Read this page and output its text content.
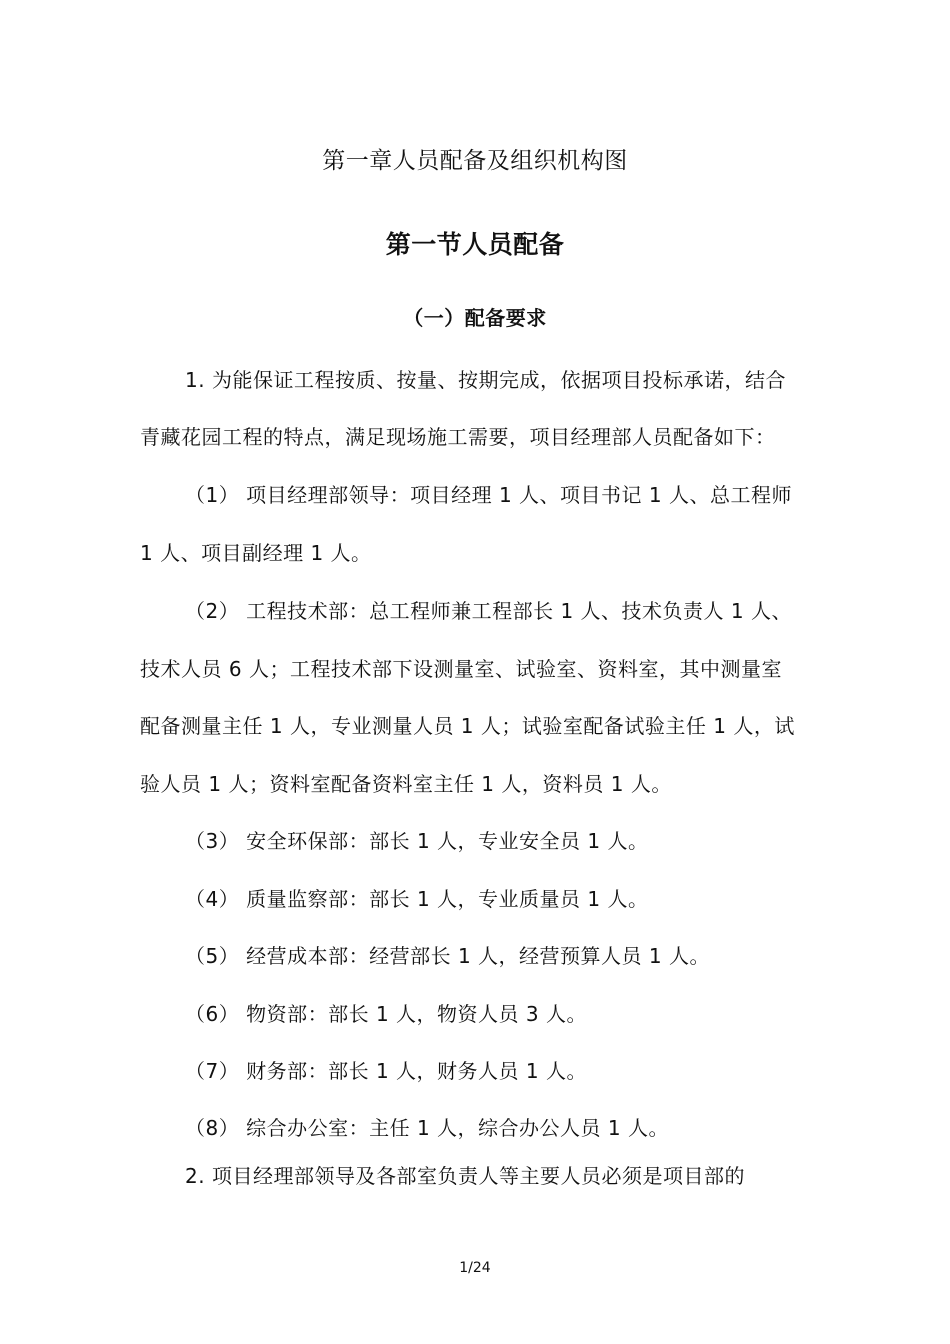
第一章人员配备及组织机构图
第一节人员配备
（一）配备要求
1. 为能保证工程按质、按量、按期完成，依据项目投标承诺，结合
青藏花园工程的特点，满足现场施工需要，项目经理部人员配备如下：
（1） 项目经理部领导：项目经理 1 人、项目书记 1 人、总工程师
1 人、项目副经理 1 人。
（2） 工程技术部：总工程师兼工程部长 1 人、技术负责人 1 人、
技术人员 6 人；工程技术部下设测量室、试验室、资料室，其中测量室
配备测量主任 1 人，专业测量人员 1 人；试验室配备试验主任 1 人，试
验人员 1 人；资料室配备资料室主任 1 人，资料员 1 人。
（3） 安全环保部：部长 1 人，专业安全员 1 人。
（4） 质量监察部：部长 1 人，专业质量员 1 人。
（5） 经营成本部：经营部长 1 人，经营预算人员 1 人。
（6） 物资部：部长 1 人，物资人员 3 人。
（7） 财务部：部长 1 人，财务人员 1 人。
（8） 综合办公室：主任 1 人，综合办公人员 1 人。
2. 项目经理部领导及各部室负责人等主要人员必须是项目部的
1/24
